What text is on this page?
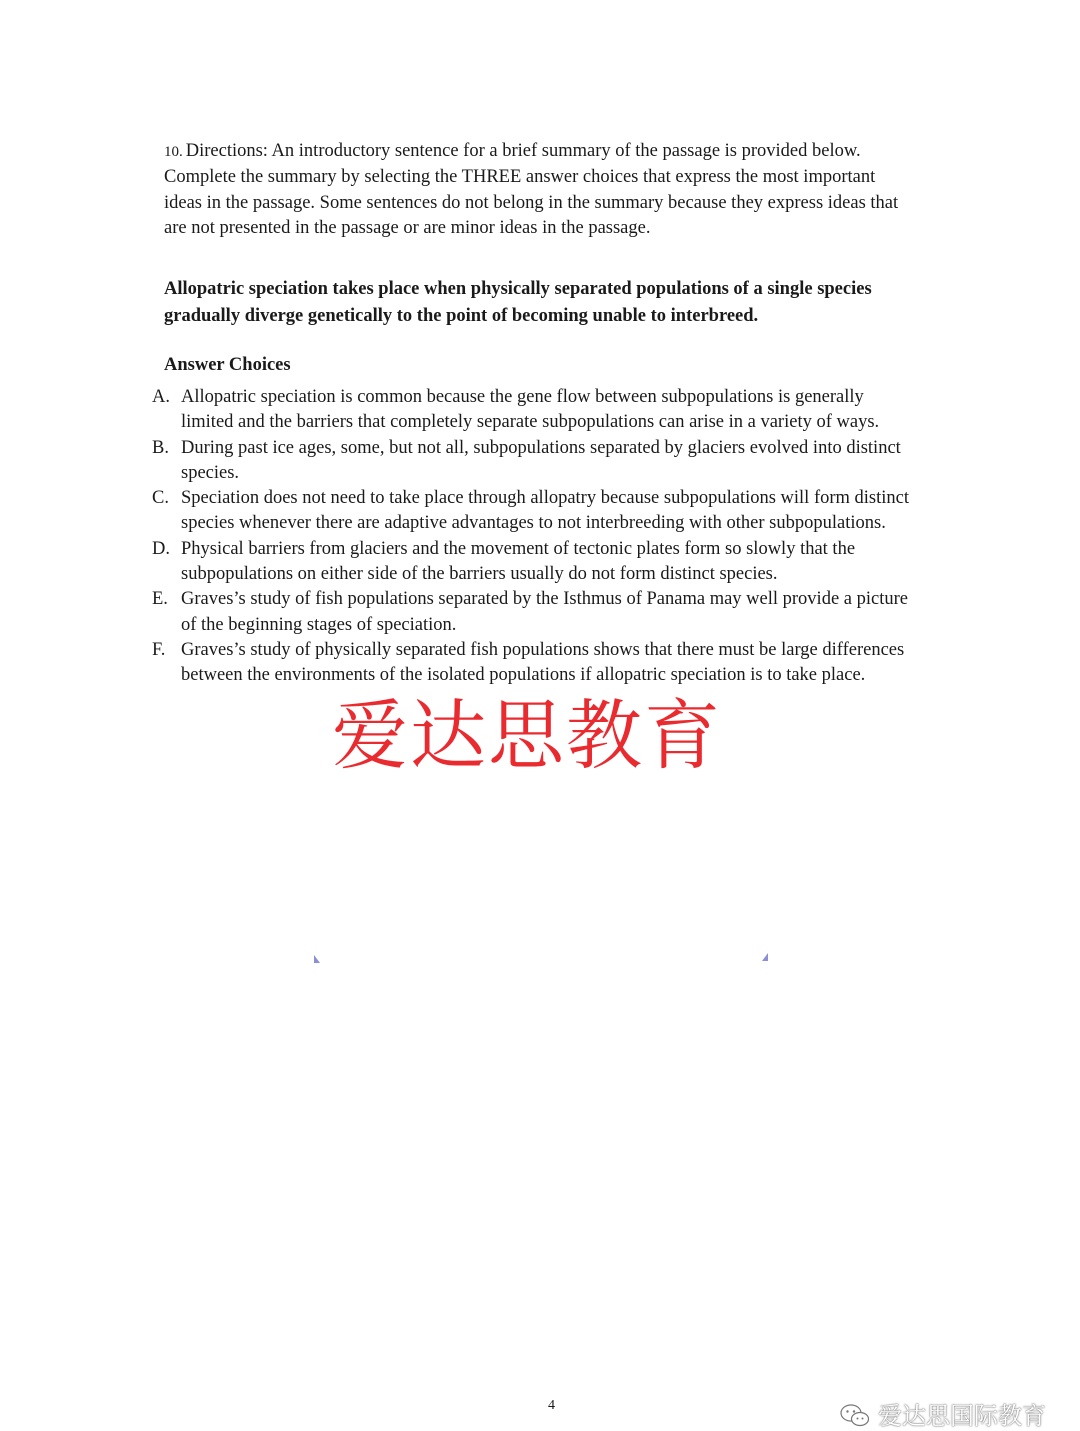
10. Directions: An introductory sentence for a brief summary of the passage is provided below. Complete the summary by selecting the THREE answer choices that express the most important ideas in the passage. Some sentences do not belong in the summary because they express ideas that are not presented in the passage or are minor ideas in the passage.
Allopatric speciation takes place when physically separated populations of a single species gradually diverge genetically to the point of becoming unable to interbreed.
Answer Choices
A. Allopatric speciation is common because the gene flow between subpopulations is generally limited and the barriers that completely separate subpopulations can arise in a variety of ways.
B. During past ice ages, some, but not all, subpopulations separated by glaciers evolved into distinct species.
C. Speciation does not need to take place through allopatry because subpopulations will form distinct species whenever there are adaptive advantages to not interbreeding with other subpopulations.
D. Physical barriers from glaciers and the movement of tectonic plates form so slowly that the subpopulations on either side of the barriers usually do not form distinct species.
E. Graves’s study of fish populations separated by the Isthmus of Panama may well provide a picture of the beginning stages of speciation.
F. Graves’s study of physically separated fish populations shows that there must be large differences between the environments of the isolated populations if allopatric speciation is to take place.
爱达思教育
4	爱达思国际教育
